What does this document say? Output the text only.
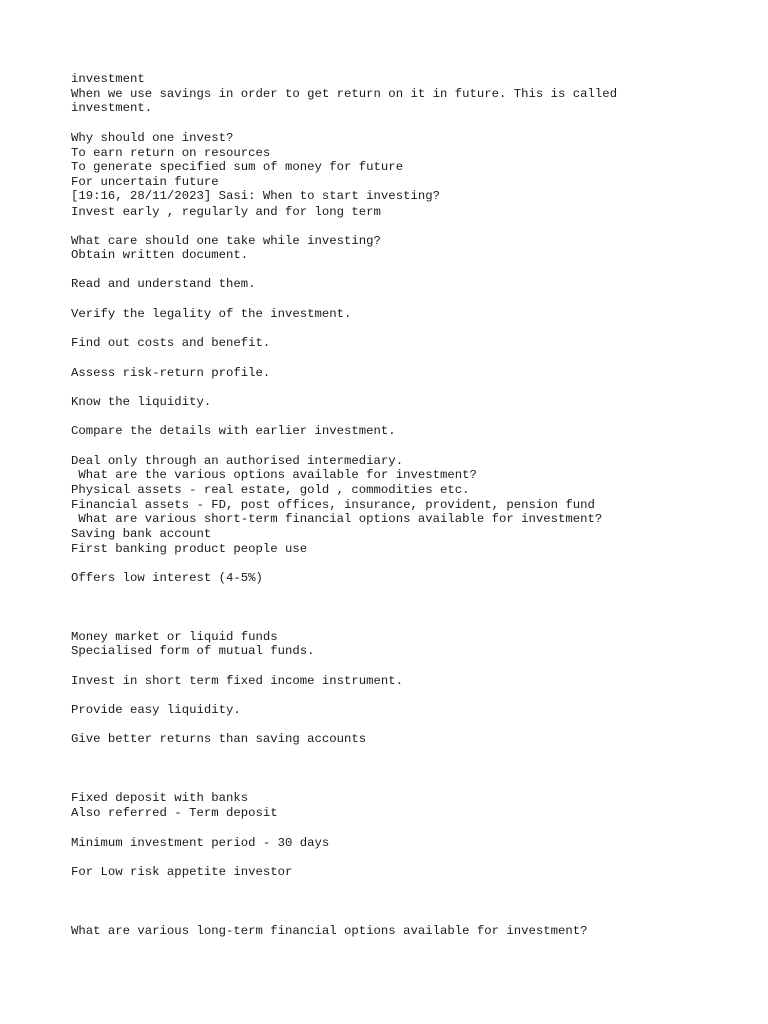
investment
When we use savings in order to get return on it in future. This is called
investment.
Why should one invest?
To earn return on resources
To generate specified sum of money for future
For uncertain future
[19:16, 28/11/2023] Sasi: When to start investing?
Invest early , regularly and for long term
What care should one take while investing?
Obtain written document.
Read and understand them.
Verify the legality of the investment.
Find out costs and benefit.
Assess risk-return profile.
Know the liquidity.
Compare the details with earlier investment.
Deal only through an authorised intermediary.
What are the various options available for investment?
Physical assets - real estate, gold , commodities etc.
Financial assets - FD, post offices, insurance, provident, pension fund
What are various short-term financial options available for investment?
Saving bank account
First banking product people use
Offers low interest (4-5%)
Money market or liquid funds
Specialised form of mutual funds.
Invest in short term fixed income instrument.
Provide easy liquidity.
Give better returns than saving accounts
Fixed deposit with banks
Also referred - Term deposit
Minimum investment period - 30 days
For Low risk appetite investor
What are various long-term financial options available for investment?
